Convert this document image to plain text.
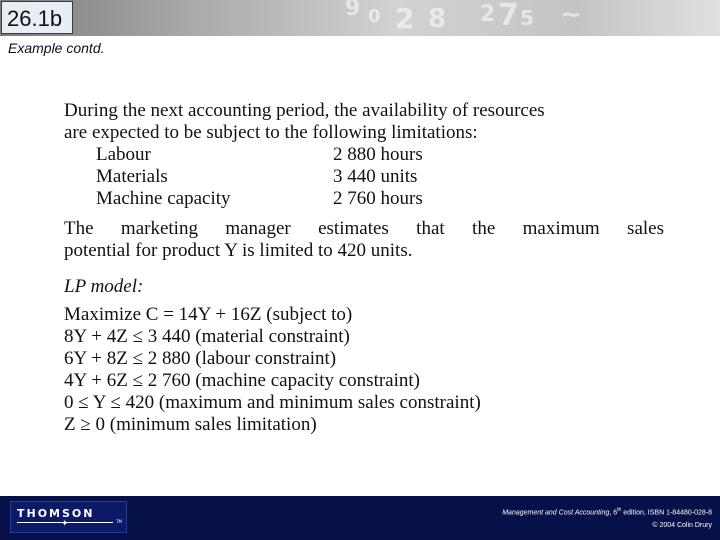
2 5
9 0 2 8 7 ~
26.1b
Example contd.
During the next accounting period, the availability of resources
are expected to be subject to the following limitations:
Labour	2 880 hours
Materials	3 440 units
Machine capacity	2 760 hours
The marketing manager estimates that the maximum sales
potential for product Y is limited to 420 units.
LP model:
Maximize C = 14Y + 16Z (subject to)
8Y + 4Z ≤ 3 440 (material constraint)
6Y + 8Z ≤ 2 880 (labour constraint)
4Y + 6Z ≤ 2 760 (machine capacity constraint)
0 ≤ Y ≤ 420 (maximum and minimum sales constraint)
Z ≥ 0 (minimum sales limitation)
THOMSON
✦	TM
Management and Cost Accounting, 6th edition, ISBN 1-84480-028-8
© 2004 Colin Drury
